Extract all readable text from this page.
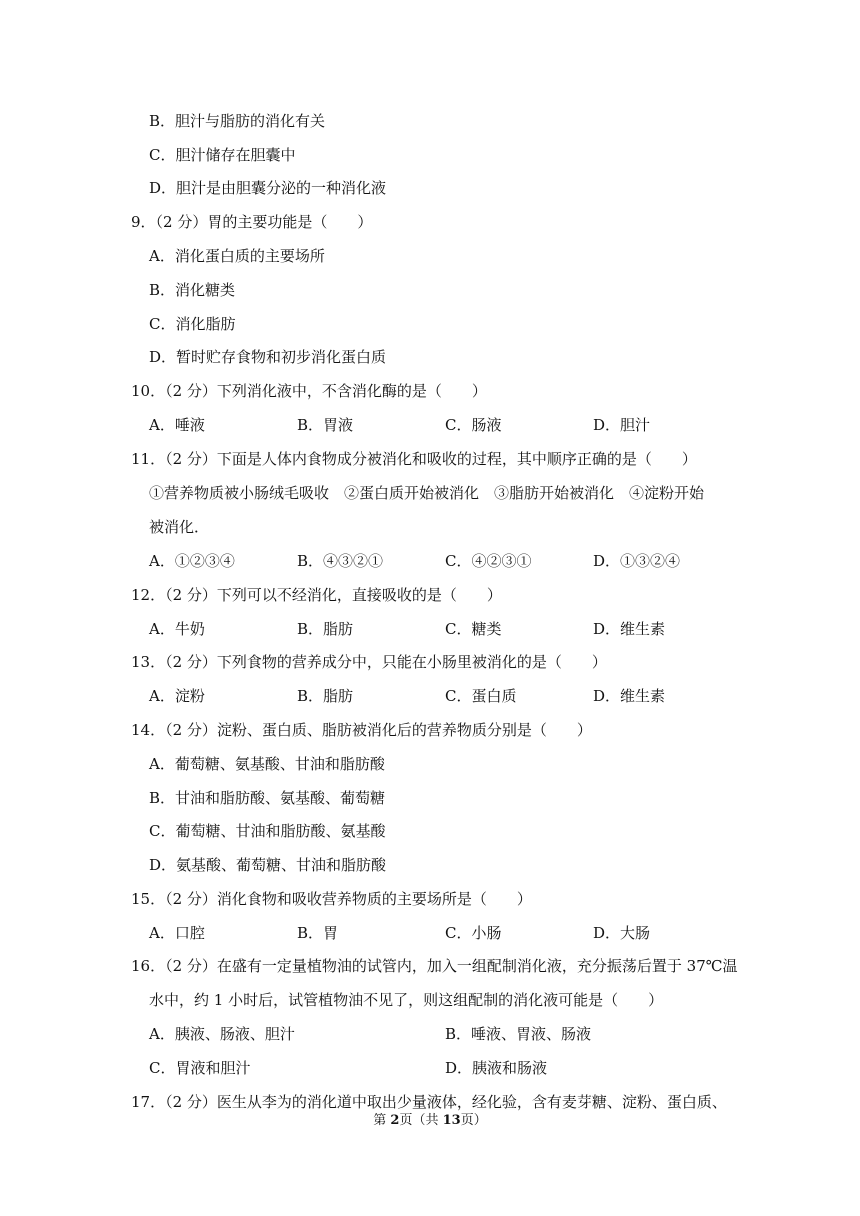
B．胆汁与脂肪的消化有关
C．胆汁储存在胆囊中
D．胆汁是由胆囊分泌的一种消化液
9．（2 分）胃的主要功能是（　　）
A．消化蛋白质的主要场所
B．消化糖类
C．消化脂肪
D．暂时贮存食物和初步消化蛋白质
10．（2 分）下列消化液中，不含消化酶的是（　　）
A．唾液	B．胃液	C．肠液	D．胆汁
11．（2 分）下面是人体内食物成分被消化和吸收的过程，其中顺序正确的是（　　）
①营养物质被小肠绒毛吸收　②蛋白质开始被消化　③脂肪开始被消化　④淀粉开始
被消化．
A．①②③④	B．④③②①	C．④②③①	D．①③②④
12．（2 分）下列可以不经消化，直接吸收的是（　　）
A．牛奶	B．脂肪	C．糖类	D．维生素
13．（2 分）下列食物的营养成分中，只能在小肠里被消化的是（　　）
A．淀粉	B．脂肪	C．蛋白质	D．维生素
14．（2 分）淀粉、蛋白质、脂肪被消化后的营养物质分别是（　　）
A．葡萄糖、氨基酸、甘油和脂肪酸
B．甘油和脂肪酸、氨基酸、葡萄糖
C．葡萄糖、甘油和脂肪酸、氨基酸
D．氨基酸、葡萄糖、甘油和脂肪酸
15．（2 分）消化食物和吸收营养物质的主要场所是（　　）
A．口腔	B．胃	C．小肠	D．大肠
16．（2 分）在盛有一定量植物油的试管内，加入一组配制消化液，充分振荡后置于 37℃温
水中，约 1 小时后，试管植物油不见了，则这组配制的消化液可能是（　　）
A．胰液、肠液、胆汁	B．唾液、胃液、肠液
C．胃液和胆汁	D．胰液和肠液
17．（2 分）医生从李为的消化道中取出少量液体，经化验，含有麦芽糖、淀粉、蛋白质、
第 2页（共 13页）
